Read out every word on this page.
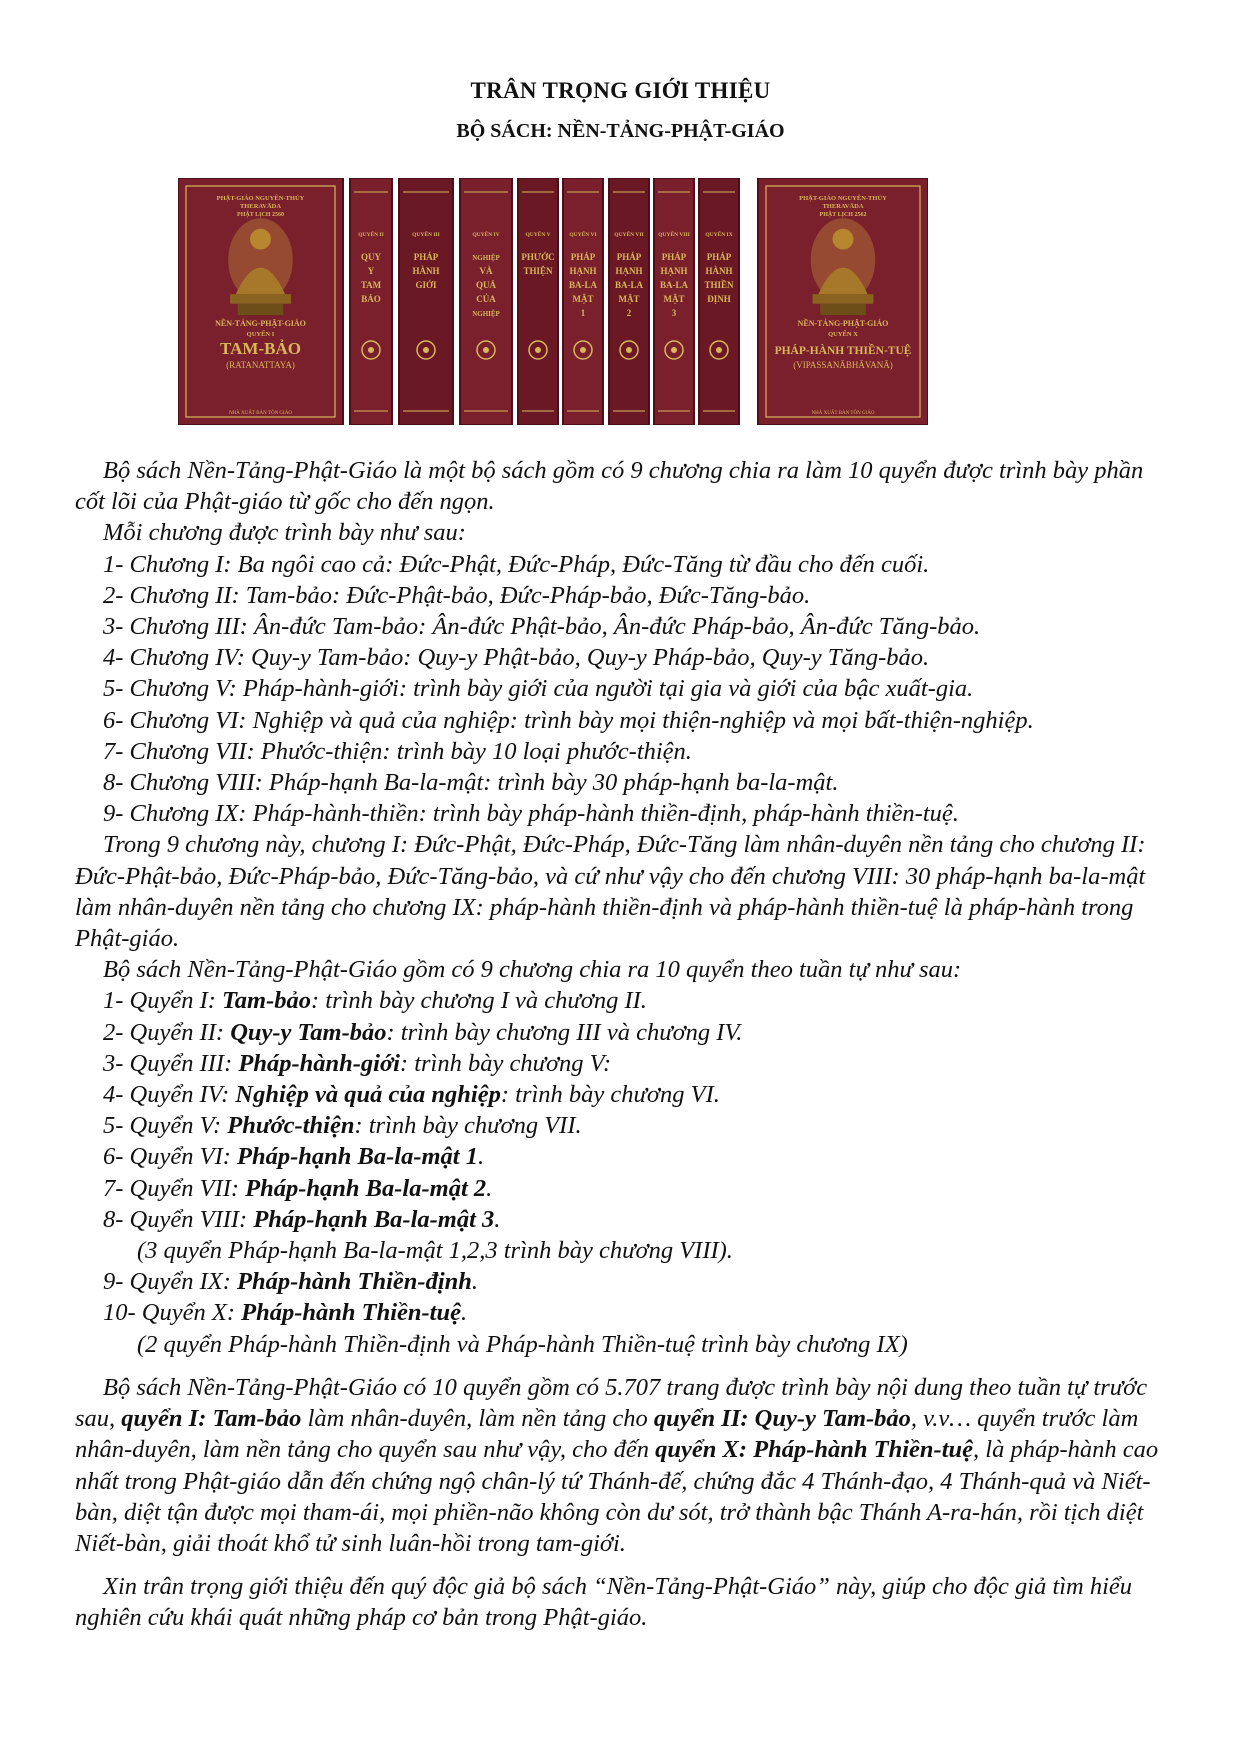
TRÂN TRỌNG GIỚI THIỆU
BỘ SÁCH: NỀN-TẢNG-PHẬT-GIÁO
PHẬT-GIÁO NGUYÊN-THỦY
THERAVĀDA
PHẬT LỊCH 2560
NỀN-TẢNG-PHẬT-GIÁO
QUYỂN I
TAM-BẢO
(RATANATTAYA)
NHÀ XUẤT BẢN TÔN GIÁO
QUYỂN II
QUY
Y
TAM
BẢO
QUYỂN III
PHÁP
HÀNH
GIỚI
QUYỂN IV
NGHIỆP
VÀ
QUẢ
CỦA
NGHIỆP
QUYỂN V
PHƯỚC
THIỆN
QUYỂN VI
PHÁP
HẠNH
BA-LA
MẬT
1
QUYỂN VII
PHÁP
HẠNH
BA-LA
MẬT
2
QUYỂN VIII
PHÁP
HẠNH
BA-LA
MẬT
3
QUYỂN IX
PHÁP
HÀNH
THIỀN
ĐỊNH
PHẬT-GIÁO NGUYÊN-THỦY
THERAVĀDA
PHẬT LỊCH 2562
NỀN-TẢNG-PHẬT-GIÁO
QUYỂN X
PHÁP-HÀNH THIỀN-TUỆ
(VIPASSANĀBHĀVANĀ)
NHÀ XUẤT BẢN TÔN GIÁO

Bộ sách Nền-Tảng-Phật-Giáo là một bộ sách gồm có 9 chương chia ra làm 10 quyển được trình bày phần cốt lõi của Phật-giáo từ gốc cho đến ngọn.

Mỗi chương được trình bày như sau:

1- Chương I: Ba ngôi cao cả: Đức-Phật, Đức-Pháp, Đức-Tăng từ đầu cho đến cuối.

2- Chương II: Tam-bảo: Đức-Phật-bảo, Đức-Pháp-bảo, Đức-Tăng-bảo.

3- Chương III: Ân-đức Tam-bảo: Ân-đức Phật-bảo, Ân-đức Pháp-bảo, Ân-đức Tăng-bảo.

4- Chương IV: Quy-y Tam-bảo: Quy-y Phật-bảo, Quy-y Pháp-bảo, Quy-y Tăng-bảo.

5- Chương V: Pháp-hành-giới: trình bày giới của người tại gia và giới của bậc xuất-gia.

6- Chương VI: Nghiệp và quả của nghiệp: trình bày mọi thiện-nghiệp và mọi bất-thiện-nghiệp.

7- Chương VII: Phước-thiện: trình bày 10 loại phước-thiện.

8- Chương VIII: Pháp-hạnh Ba-la-mật: trình bày 30 pháp-hạnh ba-la-mật.

9- Chương IX: Pháp-hành-thiền: trình bày pháp-hành thiền-định, pháp-hành thiền-tuệ.

Trong 9 chương này, chương I: Đức-Phật, Đức-Pháp, Đức-Tăng làm nhân-duyên nền tảng cho chương II: Đức-Phật-bảo, Đức-Pháp-bảo, Đức-Tăng-bảo, và cứ như vậy cho đến chương VIII: 30 pháp-hạnh ba-la-mật làm nhân-duyên nền tảng cho chương IX: pháp-hành thiền-định và pháp-hành thiền-tuệ là pháp-hành trong Phật-giáo.

Bộ sách Nền-Tảng-Phật-Giáo gồm có 9 chương chia ra 10 quyển theo tuần tự như sau:

1- Quyển I: Tam-bảo: trình bày chương I và chương II.

2- Quyển II: Quy-y Tam-bảo: trình bày chương III và chương IV.

3- Quyển III: Pháp-hành-giới: trình bày chương V:

4- Quyển IV: Nghiệp và quả của nghiệp: trình bày chương VI.

5- Quyển V: Phước-thiện: trình bày chương VII.

6- Quyển VI: Pháp-hạnh Ba-la-mật 1.

7- Quyển VII: Pháp-hạnh Ba-la-mật 2.

8- Quyển VIII: Pháp-hạnh Ba-la-mật 3.

(3 quyển Pháp-hạnh Ba-la-mật 1,2,3 trình bày chương VIII).

9- Quyển IX: Pháp-hành Thiền-định.

10- Quyển X: Pháp-hành Thiền-tuệ.

(2 quyển Pháp-hành Thiền-định và Pháp-hành Thiền-tuệ trình bày chương IX)

Bộ sách Nền-Tảng-Phật-Giáo có 10 quyển gồm có 5.707 trang được trình bày nội dung theo tuần tự trước sau, quyển I: Tam-bảo làm nhân-duyên, làm nền tảng cho quyển II: Quy-y Tam-bảo, v.v… quyển trước làm nhân-duyên, làm nền tảng cho quyển sau như vậy, cho đến quyển X: Pháp-hành Thiền-tuệ, là pháp-hành cao nhất trong Phật-giáo dẫn đến chứng ngộ chân-lý tứ Thánh-đế, chứng đắc 4 Thánh-đạo, 4 Thánh-quả và Niết-bàn, diệt tận được mọi tham-ái, mọi phiền-não không còn dư sót, trở thành bậc Thánh A-ra-hán, rồi tịch diệt Niết-bàn, giải thoát khổ tử sinh luân-hồi trong tam-giới.

Xin trân trọng giới thiệu đến quý độc giả bộ sách “Nền-Tảng-Phật-Giáo” này, giúp cho độc giả tìm hiểu nghiên cứu khái quát những pháp cơ bản trong Phật-giáo.
